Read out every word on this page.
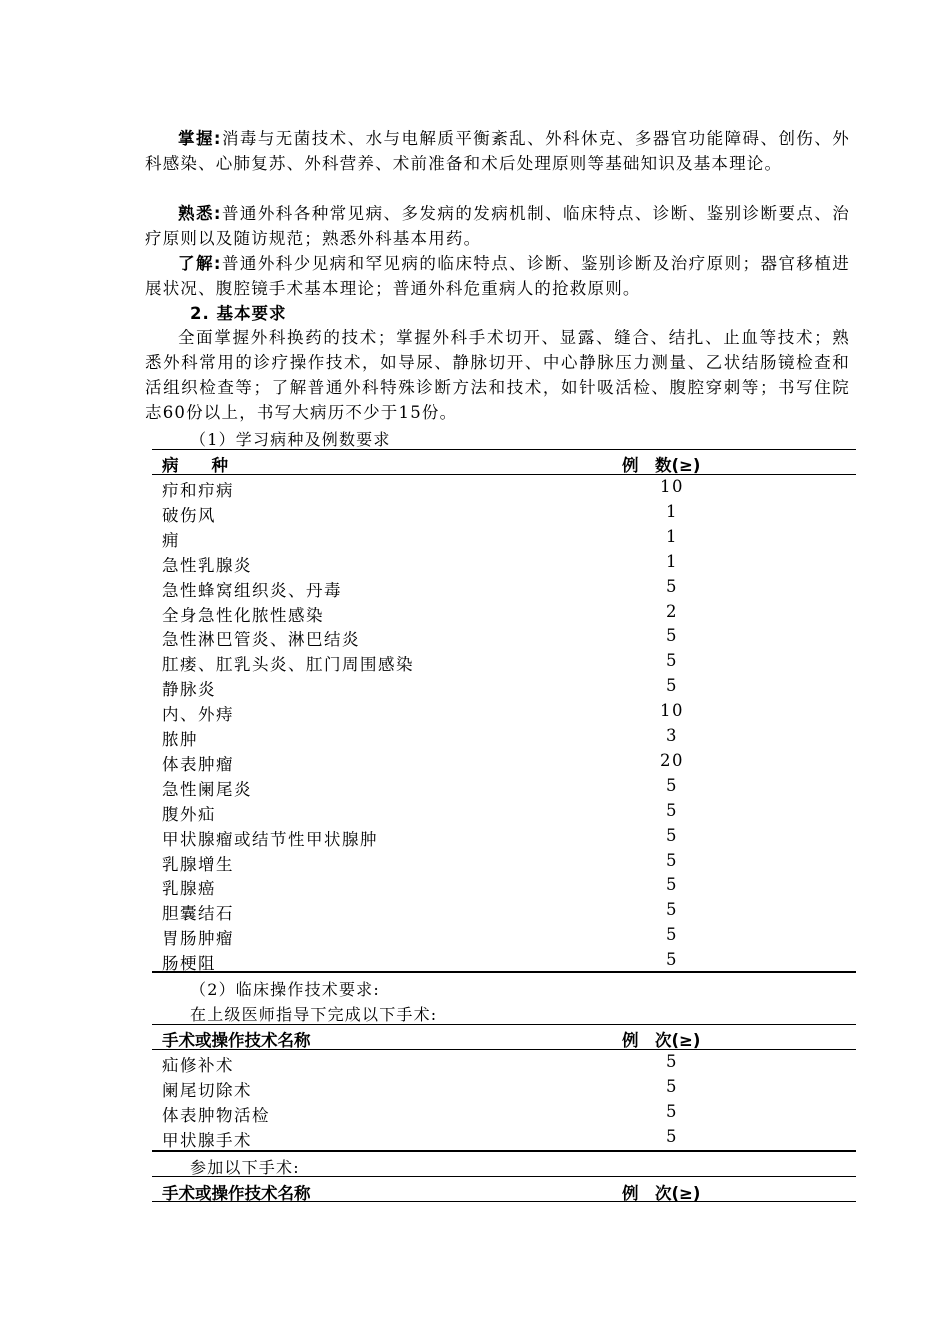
掌握:消毒与无菌技术、水与电解质平衡紊乱、外科休克、多器官功能障碍、创伤、外科感染、心肺复苏、外科营养、术前准备和术后处理原则等基础知识及基本理论。

熟悉:普通外科各种常见病、多发病的发病机制、临床特点、诊断、鉴别诊断要点、治疗原则以及随访规范；熟悉外科基本用药。

了解:普通外科少见病和罕见病的临床特点、诊断、鉴别诊断及治疗原则；器官移植进展状况、腹腔镜手术基本理论；普通外科危重病人的抢救原则。

2. 基本要求

全面掌握外科换药的技术；掌握外科手术切开、显露、缝合、结扎、止血等技术；熟悉外科常用的诊疗操作技术，如导尿、静脉切开、中心静脉压力测量、乙状结肠镜检查和活组织检查等；了解普通外科特殊诊断方法和技术，如针吸活检、腹腔穿刺等；书写住院志60份以上，书写大病历不少于15份。

（1）学习病种及例数要求

病　　种	例　数(≥)
疖和疖病	10
破伤风	1
痈	1
急性乳腺炎	1
急性蜂窝组织炎、丹毒	5
全身急性化脓性感染	2
急性淋巴管炎、淋巴结炎	5
肛瘘、肛乳头炎、肛门周围感染	5
静脉炎	5
内、外痔	10
脓肿	3
体表肿瘤	20
急性阑尾炎	5
腹外疝	5
甲状腺瘤或结节性甲状腺肿	5
乳腺增生	5
乳腺癌	5
胆囊结石	5
胃肠肿瘤	5
肠梗阻	5

（2）临床操作技术要求:

在上级医师指导下完成以下手术:

手术或操作技术名称	例　次(≥)
疝修补术	5
阑尾切除术	5
体表肿物活检	5
甲状腺手术	5

参加以下手术:

手术或操作技术名称	例　次(≥)
